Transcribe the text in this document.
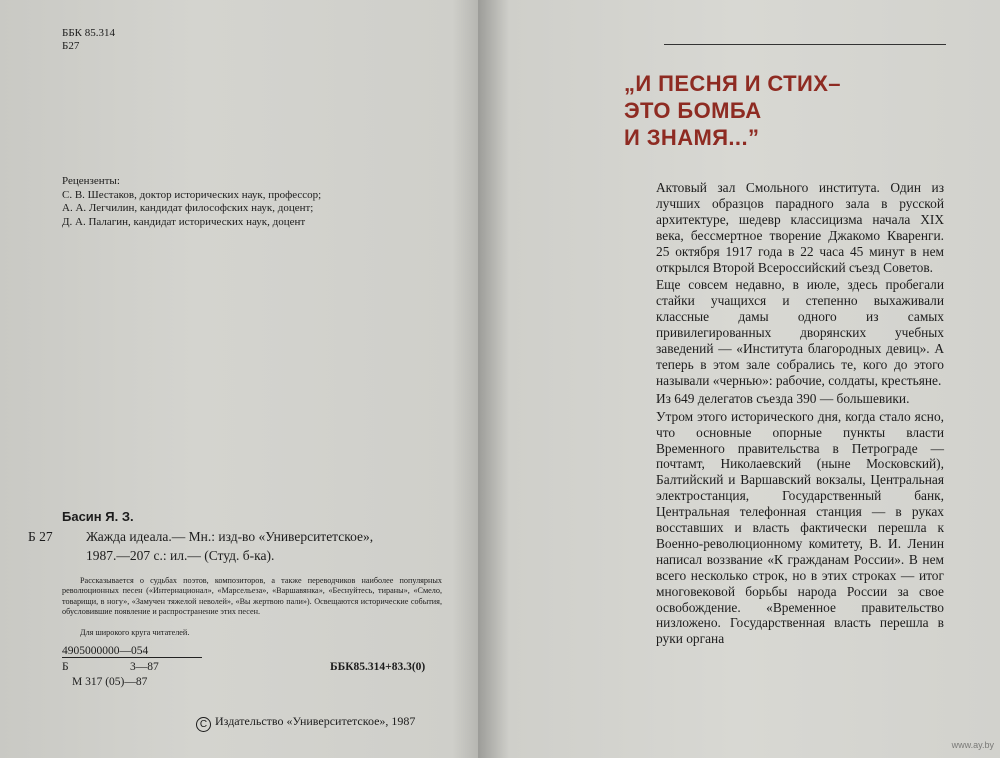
ББК 85.314
Б27
Рецензенты:
С. В. Шестаков, доктор исторических наук, профессор;
А. А. Легчилин, кандидат философских наук, доцент;
Д. А. Палагин, кандидат исторических наук, доцент
Басин Я. З.
Б 27 Жажда идеала.— Мн.: изд-во «Университетское»,
1987.—207 с.: ил.— (Студ. б-ка).
Рассказывается о судьбах поэтов, композиторов, а также переводчиков наиболее популярных революционных песен («Интернационал», «Марсельеза», «Варшавянка», «Беснуйтесь, тираны», «Смело, товарищи, в ногу», «Замучен тяжелой неволей», «Вы жертвою пали»). Освещаются исторические события, обусловившие появление и распространение этих песен.
Для широкого круга читателей.
4905000000—054
Б	3—87
М 317 (05)—87
ББК85.314+83.3(0)
C Издательство «Университетское», 1987
„И ПЕСНЯ И СТИХ–
ЭТО БОМБА
И ЗНАМЯ...”

Актовый зал Смольного института. Один из лучших образцов парадного зала в русской архитектуре, шедевр классицизма начала XIX века, бессмертное творение Джакомо Кваренги. 25 октября 1917 года в 22 часа 45 минут в нем открылся Второй Всероссийский съезд Советов.

Еще совсем недавно, в июле, здесь пробегали стайки учащихся и степенно выхаживали классные дамы одного из самых привилегированных дворянских учебных заведений — «Института благородных девиц». А теперь в этом зале собрались те, кого до этого называли «чернью»: рабочие, солдаты, крестьяне.

Из 649 делегатов съезда 390 — большевики.

Утром этого исторического дня, когда стало ясно, что основные опорные пункты власти Временного правительства в Петрограде — почтамт, Николаевский (ныне Московский), Балтийский и Варшавский вокзалы, Центральная электростанция, Государственный банк, Центральная телефонная станция — в руках восставших и власть фактически перешла к Военно-революционному комитету, В. И. Ленин написал воззвание «К гражданам России». В нем всего несколько строк, но в этих строках — итог многовековой борьбы народа России за свое освобождение. «Временное правительство низложено. Государственная власть перешла в руки органа

www.ay.by
